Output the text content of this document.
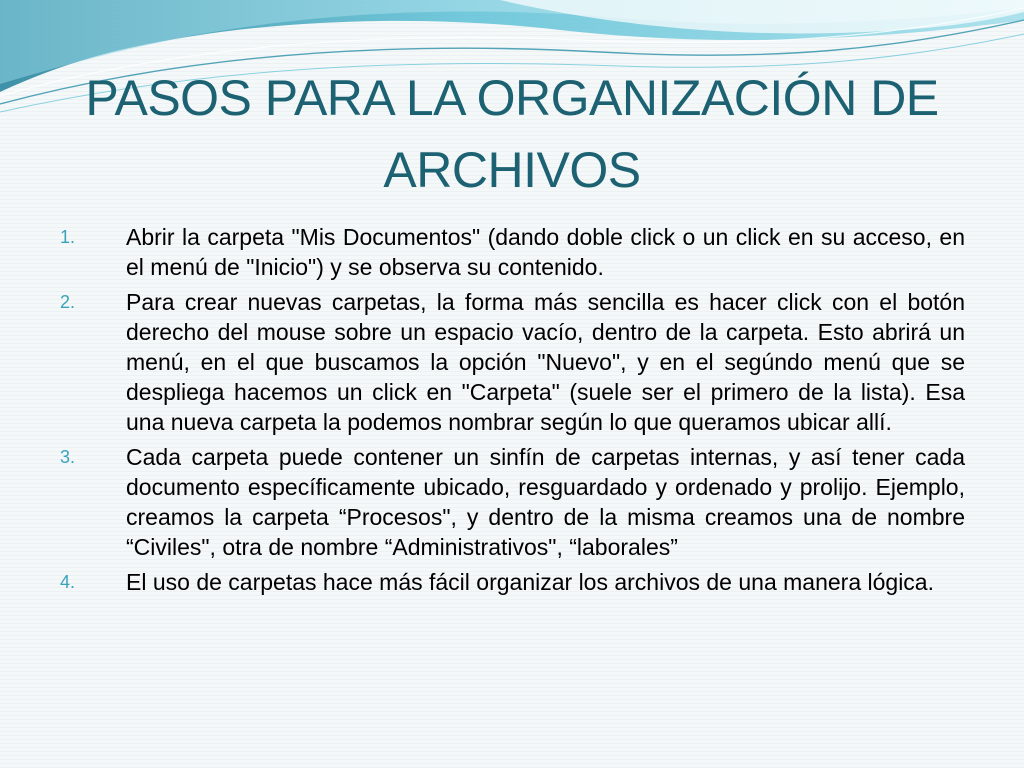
PASOS PARA LA ORGANIZACIÓN DE ARCHIVOS
1.	Abrir la carpeta "Mis Documentos" (dando doble click o un click en su acceso, en el menú de "Inicio") y se observa su contenido.
2.	Para crear nuevas carpetas, la forma más sencilla es hacer click con el botón derecho del mouse sobre un espacio vacío, dentro de la carpeta. Esto abrirá un menú, en el que buscamos la opción "Nuevo", y en el segúndo menú que se despliega hacemos un click en "Carpeta" (suele ser el primero de la lista). Esa una nueva carpeta la podemos nombrar según lo que queramos ubicar allí.
3.	Cada carpeta puede contener un sinfín de carpetas internas, y así tener cada documento específicamente ubicado, resguardado y ordenado y prolijo. Ejemplo, creamos la carpeta “Procesos", y dentro de la misma creamos una de nombre “Civiles", otra de nombre “Administrativos", “laborales”
4.	El uso de carpetas hace más fácil organizar los archivos de una manera lógica.
